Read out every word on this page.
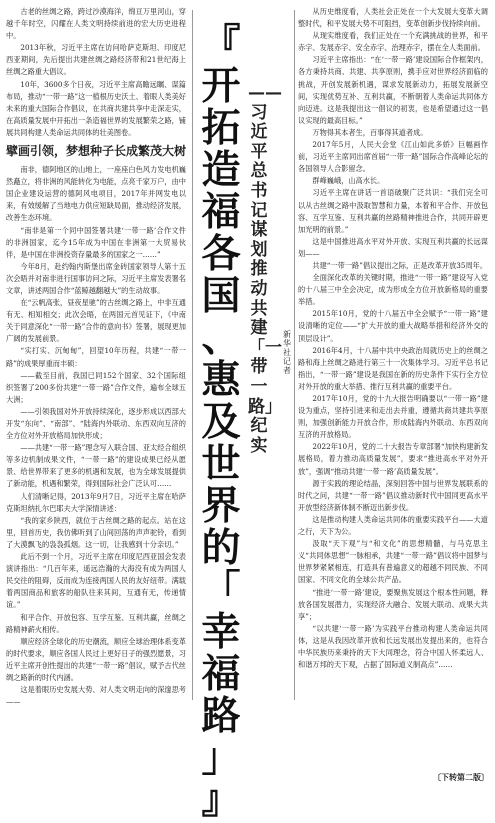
古老的丝绸之路，跨过沙漠海洋，绵亘万里河山，穿越千年时空，闪耀在人类文明持续前进的宏大历史进程中。

2013年秋，习近平主席在访问哈萨克斯坦、印度尼西亚期间，先后提出共建丝绸之路经济带和21世纪海上丝绸之路重大倡议。

10年，3600多个日夜，习近平主席高瞻远瞩、谋篇布局，推动“一带一路”这一植根历史沃土、着眼人类美好未来的重大国际合作倡议，在共商共建共享中走深走实，在高质量发展中开拓出一条造福世界的发展繁荣之路，铺展共同构建人类命运共同体的壮美图卷。

擘画引领，梦想种子长成繁茂大树

南非，德阿地区的山地上，一座座白色风力发电机巍然矗立，将非洲的风能转化为电能，点亮千家万户，由中国企业建设运营的德阿风电项目，2017年并网发电以来，有效缓解了当地电力供应短缺局面，推动经济发展，改善生态环境。

“南非是第一个同中国签署共建‘一带一路’合作文件的非洲国家，迄今15年成为中国在非洲第一大贸易伙伴，是中国在非洲投资存量最多的国家之一……”

今年8月，赴约翰内斯堡出席金砖国家领导人第十五次会晤并对南非进行国事访问之际，习近平主席发表署名文章，讲述两国合作“蓝鲸越翻越大”的生动故事。

在“云帆高张，昼夜星驰”的古丝绸之路上，中非互通有无、相知相交；此次会晤，在两国元首见证下，《中南关于同意深化“一带一路”合作的意向书》签署，展现更加广阔的发展前景。

“实打实、沉甸甸”，回望10年历程，共建“一带一路”的成果厚重而丰硕：

——截至目前，我国已同152个国家、32个国际组织签署了200多份共建“一带一路”合作文件，遍布全球五大洲；

——引领我国对外开放持续深化，逐步形成以西部大开发“东向”、“南部”、“陆海内外联动、东西双向互济的全方位对外开放格局加快形成；

——共建“一带一路”理念写入联合国、亚太经合组织等多边机制成果文件，“一带一路”的建设成果已经从愿景、给世界带来了更多的机遇和发展，也为全球发展提供了新动能，机遇和繁荣，得到国际社会广泛认可……

人们清晰记得，2013年9月7日，习近平主席在哈萨克斯坦纳扎尔巴耶夫大学深情讲述：

“我的家乡陕西，就位于古丝绸之路的起点。站在这里，回首历史，我仿佛听到了山间回荡的声声驼铃，看到了大漠飘飞的袅袅孤烟。这一切，让我感到十分亲切。”

此后不到一个月，习近平主席在印度尼西亚国会发表演讲指出：“几百年来，遥远浩瀚的大海没有成为两国人民交往的阻碍，反而成为连接两国人民的友好纽带。满载着两国商品和旅客的船队往来其间，互通有无，传递情谊。”

和平合作、开放包容、互学互鉴、互利共赢，丝绸之路精神薪火相传。

顺应经济全球化的历史潮流，顺应全球治理体系变革的时代要求，顺应各国人民过上更好日子的强烈愿景，习近平主席开创性提出的共建“一带一路”倡议，赋予古代丝绸之路新的时代内涵。

这是着眼历史发展大势、对人类文明走向的深邃思考——

『
开
拓
造
福
各
国
、
惠
及
世
界
的
「
幸
福
路
」
』
——习近平总书记谋划推动共建「一带一路」纪实
新华社记者

从历史维度看，人类社会正处在一个大发展大变革大调整时代，和平发展大势不可阻挡，变革创新步伐持续向前。

从现实维度看，我们正处在一个充满挑战的世界，和平赤字、发展赤字、安全赤字、治理赤字，摆在全人类面前。

习近平主席指出：“在‘一带一路’建设国际合作框架内，各方秉持共商、共建、共享原则，携手应对世界经济面临的挑战，开创发展新机遇，谋求发展新动力，拓展发展新空间，实现优势互补、互利共赢，不断朝着人类命运共同体方向迈进。这是我提出这一倡议的初衷，也是希望通过这一倡议实现的最高目标。”

万物得其本者生，百事得其道者成。

2017年5月，人民大会堂《江山如此多娇》巨幅画作前，习近平主席同出席首届“一带一路”国际合作高峰论坛的各国领导人合影留念。

群峰巍峨，山高水长。

习近平主席在讲话一首语破聚广泛共识：“我们完全可以从古丝绸之路中汲取智慧和力量，本着和平合作、开放包容、互学互鉴、互利共赢的丝路精神推进合作，共同开辟更加光明的前景。”

这是中国推进高水平对外开放、实现互利共赢的长远谋划——

共建“一带一路”倡议提出之际，正是改革开放35周年。

全面深化改革的关键时期，推进“一带一路”建设写入党的十八届三中全会决定，成为形成全方位开放新格局的重要举措。

2015年10月，党的十八届五中全会赋予“一带一路”建设清晰的定位——“扩大开放的重大战略举措和经济外交的顶层设计”。

2016年4月，十八届中共中央政治局就历史上的丝绸之路和海上丝绸之路进行第三十一次集体学习。习近平总书记指出，“一带一路”建设是我国在新的历史条件下实行全方位对外开放的重大举措、推行互利共赢的重要平台。

2017年10月，党的十九大报告明确要以“一带一路”建设为重点，坚持引进来和走出去并重，遵循共商共建共享原则，加强创新能力开放合作，形成陆海内外联动、东西双向互济的开放格局。

2022年10月，党的二十大报告专章部署“加快构建新发展格局，着力推动高质量发展”，要求“推进高水平对外开放”，强调“推动共建‘一带一路’高质量发展”。

源于实践的理论结晶，深刻回答中国与世界发展联系的时代之问，共建“一带一路”倡议推动新时代中国同更高水平开放型经济新体制不断迈出新步伐。

这是推动构建人类命运共同体的重要实践平台——大道之行，天下为公。

汲取“天下观”与“和文化”的思想精髓，与马克思主义“共同体思想”一脉相承，共建“一带一路”倡议将中国梦与世界梦紧紧相连，打造具有普遍意义的超越不同民族、不同国家、不同文化的全球公共产品。

“推进‘一带一路’建设，要聚焦发展这个根本性问题，释放各国发展潜力，实现经济大融合、发展大联动、成果大共享”；

“以共建‘一带一路’为实践平台推动构建人类命运共同体，这是从我因改革开放和长远发展出发提出来的，也符合中华民族历来秉持的天下大同理念，符合中国人怀柔远人、和谐万邦的天下观，占据了国际道义制高点”……

〔下转第二版〕
